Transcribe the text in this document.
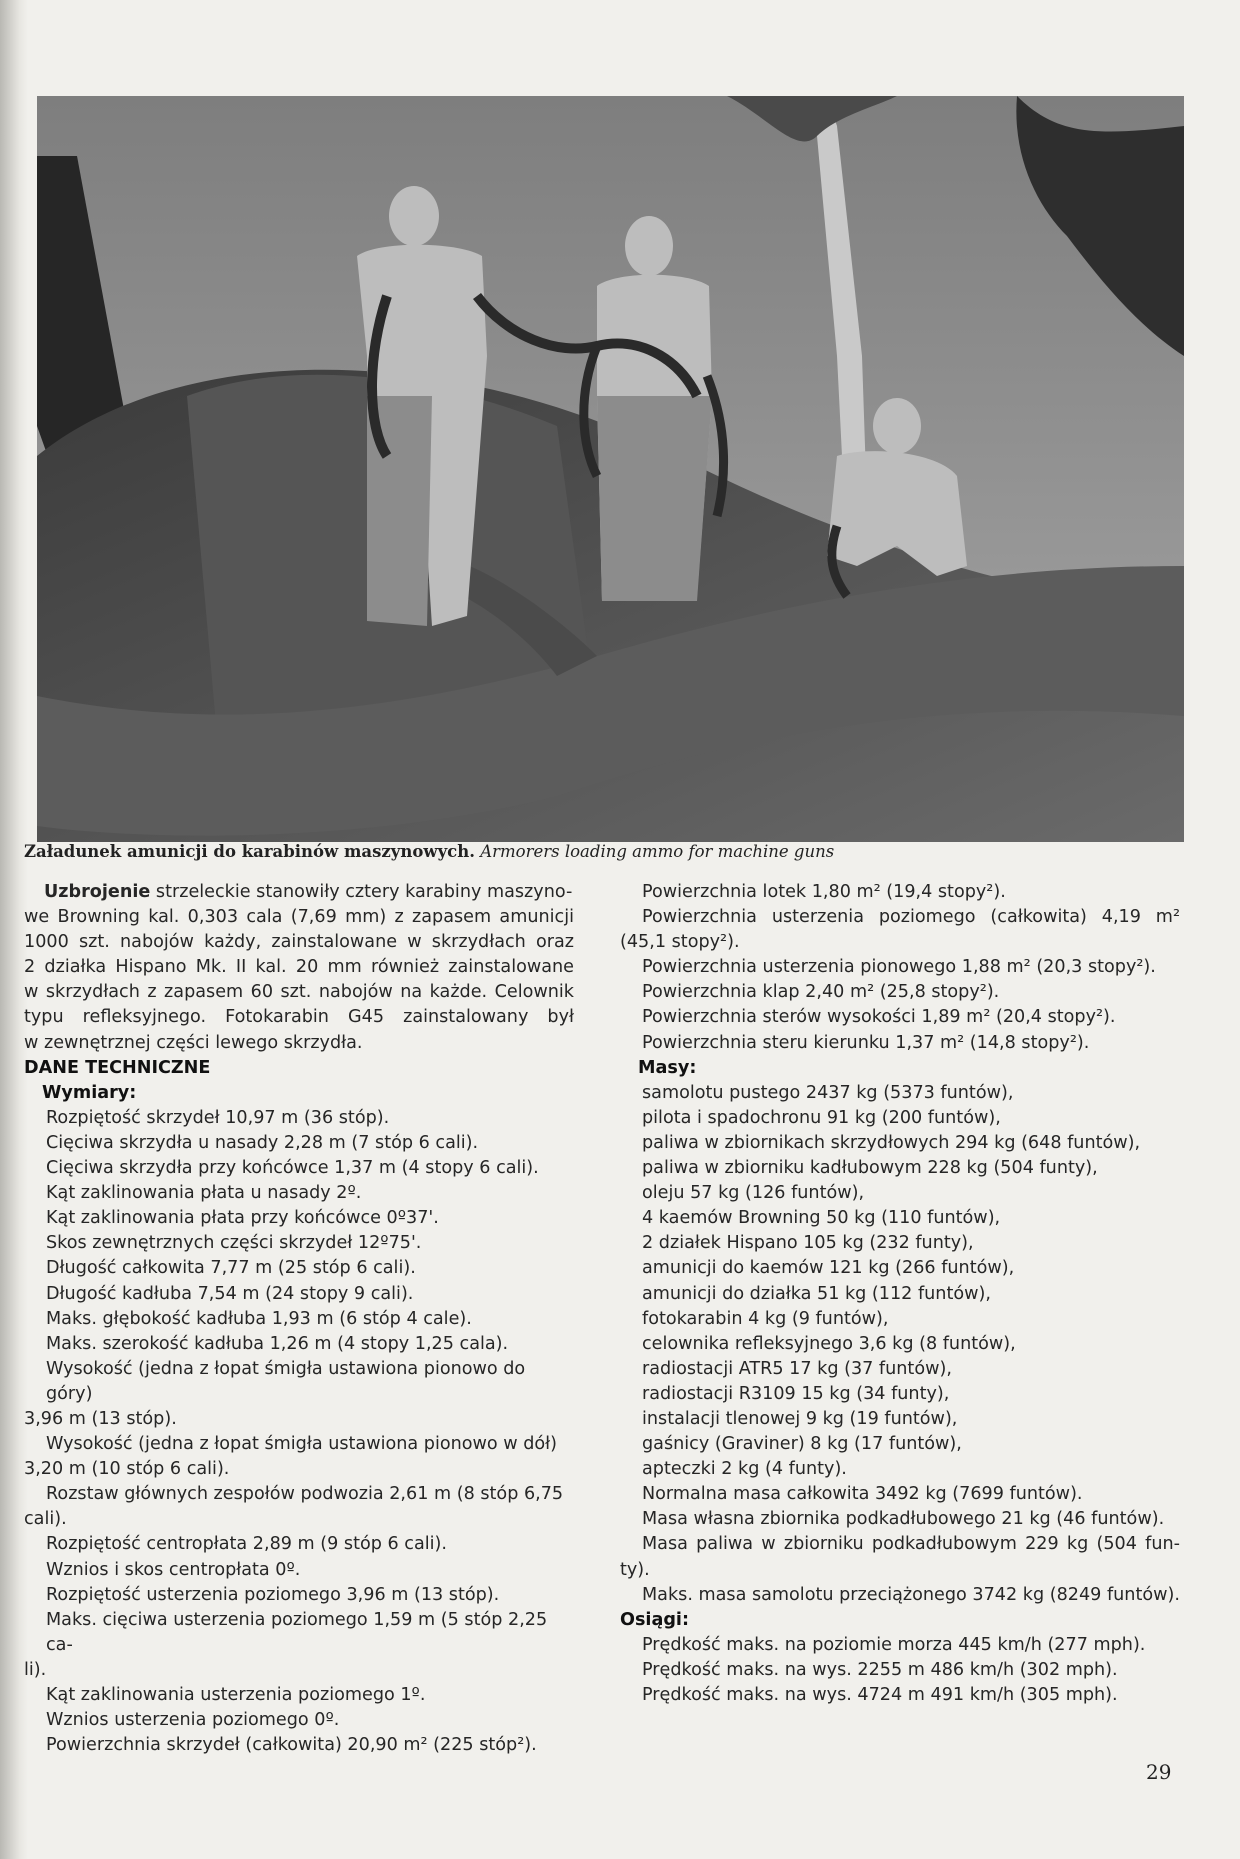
Załadunek amunicji do karabinów maszynowych. Armorers loading ammo for machine guns
Uzbrojenie strzeleckie stanowiły cztery karabiny maszyno-
we Browning kal. 0,303 cala (7,69 mm) z zapasem amunicji
1000 szt. nabojów każdy, zainstalowane w skrzydłach oraz
2 działka Hispano Mk. II kal. 20 mm również zainstalowane
w skrzydłach z zapasem 60 szt. nabojów na każde. Celownik
typu refleksyjnego. Fotokarabin G45 zainstalowany był
w zewnętrznej części lewego skrzydła.
DANE TECHNICZNE
Wymiary:
Rozpiętość skrzydeł 10,97 m (36 stóp).
Cięciwa skrzydła u nasady 2,28 m (7 stóp 6 cali).
Cięciwa skrzydła przy końcówce 1,37 m (4 stopy 6 cali).
Kąt zaklinowania płata u nasady 2º.
Kąt zaklinowania płata przy końcówce 0º37'.
Skos zewnętrznych części skrzydeł 12º75'.
Długość całkowita 7,77 m (25 stóp 6 cali).
Długość kadłuba 7,54 m (24 stopy 9 cali).
Maks. głębokość kadłuba 1,93 m (6 stóp 4 cale).
Maks. szerokość kadłuba 1,26 m (4 stopy 1,25 cala).
Wysokość (jedna z łopat śmigła ustawiona pionowo do góry)
3,96 m (13 stóp).
Wysokość (jedna z łopat śmigła ustawiona pionowo w dół)
3,20 m (10 stóp 6 cali).
Rozstaw głównych zespołów podwozia 2,61 m (8 stóp 6,75
cali).
Rozpiętość centropłata 2,89 m (9 stóp 6 cali).
Wznios i skos centropłata 0º.
Rozpiętość usterzenia poziomego 3,96 m (13 stóp).
Maks. cięciwa usterzenia poziomego 1,59 m (5 stóp 2,25 ca-
li).
Kąt zaklinowania usterzenia poziomego 1º.
Wznios usterzenia poziomego 0º.
Powierzchnia skrzydeł (całkowita) 20,90 m² (225 stóp²).
Powierzchnia lotek 1,80 m² (19,4 stopy²).
Powierzchnia usterzenia poziomego (całkowita) 4,19 m²
(45,1 stopy²).
Powierzchnia usterzenia pionowego 1,88 m² (20,3 stopy²).
Powierzchnia klap 2,40 m² (25,8 stopy²).
Powierzchnia sterów wysokości 1,89 m² (20,4 stopy²).
Powierzchnia steru kierunku 1,37 m² (14,8 stopy²).
Masy:
samolotu pustego 2437 kg (5373 funtów),
pilota i spadochronu 91 kg (200 funtów),
paliwa w zbiornikach skrzydłowych 294 kg (648 funtów),
paliwa w zbiorniku kadłubowym 228 kg (504 funty),
oleju 57 kg (126 funtów),
4 kaemów Browning 50 kg (110 funtów),
2 działek Hispano 105 kg (232 funty),
amunicji do kaemów 121 kg (266 funtów),
amunicji do działka 51 kg (112 funtów),
fotokarabin 4 kg (9 funtów),
celownika refleksyjnego 3,6 kg (8 funtów),
radiostacji ATR5 17 kg (37 funtów),
radiostacji R3109 15 kg (34 funty),
instalacji tlenowej 9 kg (19 funtów),
gaśnicy (Graviner) 8 kg (17 funtów),
apteczki 2 kg (4 funty).
Normalna masa całkowita 3492 kg (7699 funtów).
Masa własna zbiornika podkadłubowego 21 kg (46 funtów).
Masa paliwa w zbiorniku podkadłubowym 229 kg (504 fun-
ty).
Maks. masa samolotu przeciążonego 3742 kg (8249 funtów).
Osiągi:
Prędkość maks. na poziomie morza 445 km/h (277 mph).
Prędkość maks. na wys. 2255 m 486 km/h (302 mph).
Prędkość maks. na wys. 4724 m 491 km/h (305 mph).
29
